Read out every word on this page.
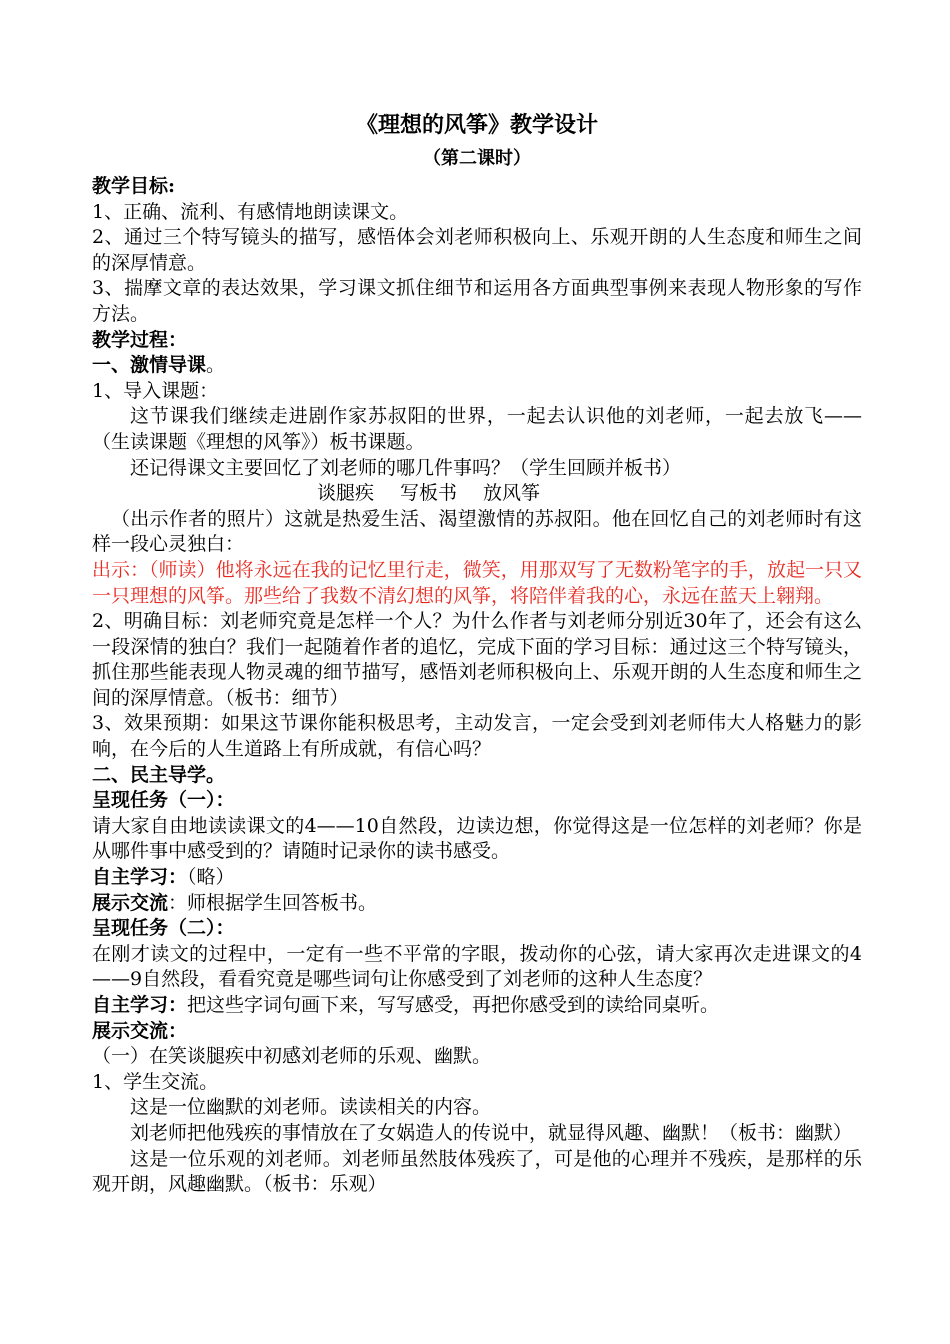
《理想的风筝》教学设计
（第二课时）

教学目标:

1、正确、流利、有感情地朗读课文。

2、通过三个特写镜头的描写，感悟体会刘老师积极向上、乐观开朗的人生态度和师生之间的深厚情意。

3、揣摩文章的表达效果，学习课文抓住细节和运用各方面典型事例来表现人物形象的写作方法。

教学过程：

一、激情导课。

1、导入课题：

这节课我们继续走进剧作家苏叔阳的世界，一起去认识他的刘老师，一起去放飞——（生读课题《理想的风筝》）板书课题。

还记得课文主要回忆了刘老师的哪几件事吗？（学生回顾并板书）

谈腿疾 写板书 放风筝

（出示作者的照片）这就是热爱生活、渴望激情的苏叔阳。他在回忆自己的刘老师时有这样一段心灵独白：

出示：（师读）他将永远在我的记忆里行走，微笑，用那双写了无数粉笔字的手，放起一只又一只理想的风筝。那些给了我数不清幻想的风筝，将陪伴着我的心，永远在蓝天上翱翔。

2、明确目标：刘老师究竟是怎样一个人？为什么作者与刘老师分别近30年了，还会有这么一段深情的独白？我们一起随着作者的追忆，完成下面的学习目标：通过这三个特写镜头，抓住那些能表现人物灵魂的细节描写，感悟刘老师积极向上、乐观开朗的人生态度和师生之间的深厚情意。（板书：细节）

3、效果预期：如果这节课你能积极思考，主动发言，一定会受到刘老师伟大人格魅力的影响，在今后的人生道路上有所成就，有信心吗？

二、民主导学。

呈现任务（一）：

请大家自由地读读课文的4——10自然段，边读边想，你觉得这是一位怎样的刘老师？你是从哪件事中感受到的？请随时记录你的读书感受。

自主学习：（略）

展示交流：师根据学生回答板书。

呈现任务（二）：

在刚才读文的过程中，一定有一些不平常的字眼，拨动你的心弦，请大家再次走进课文的4——9自然段，看看究竟是哪些词句让你感受到了刘老师的这种人生态度？

自主学习：把这些字词句画下来，写写感受，再把你感受到的读给同桌听。

展示交流：

（一）在笑谈腿疾中初感刘老师的乐观、幽默。

1、学生交流。

这是一位幽默的刘老师。读读相关的内容。

刘老师把他残疾的事情放在了女娲造人的传说中，就显得风趣、幽默！（板书：幽默）

这是一位乐观的刘老师。刘老师虽然肢体残疾了，可是他的心理并不残疾，是那样的乐观开朗，风趣幽默。（板书：乐观）
